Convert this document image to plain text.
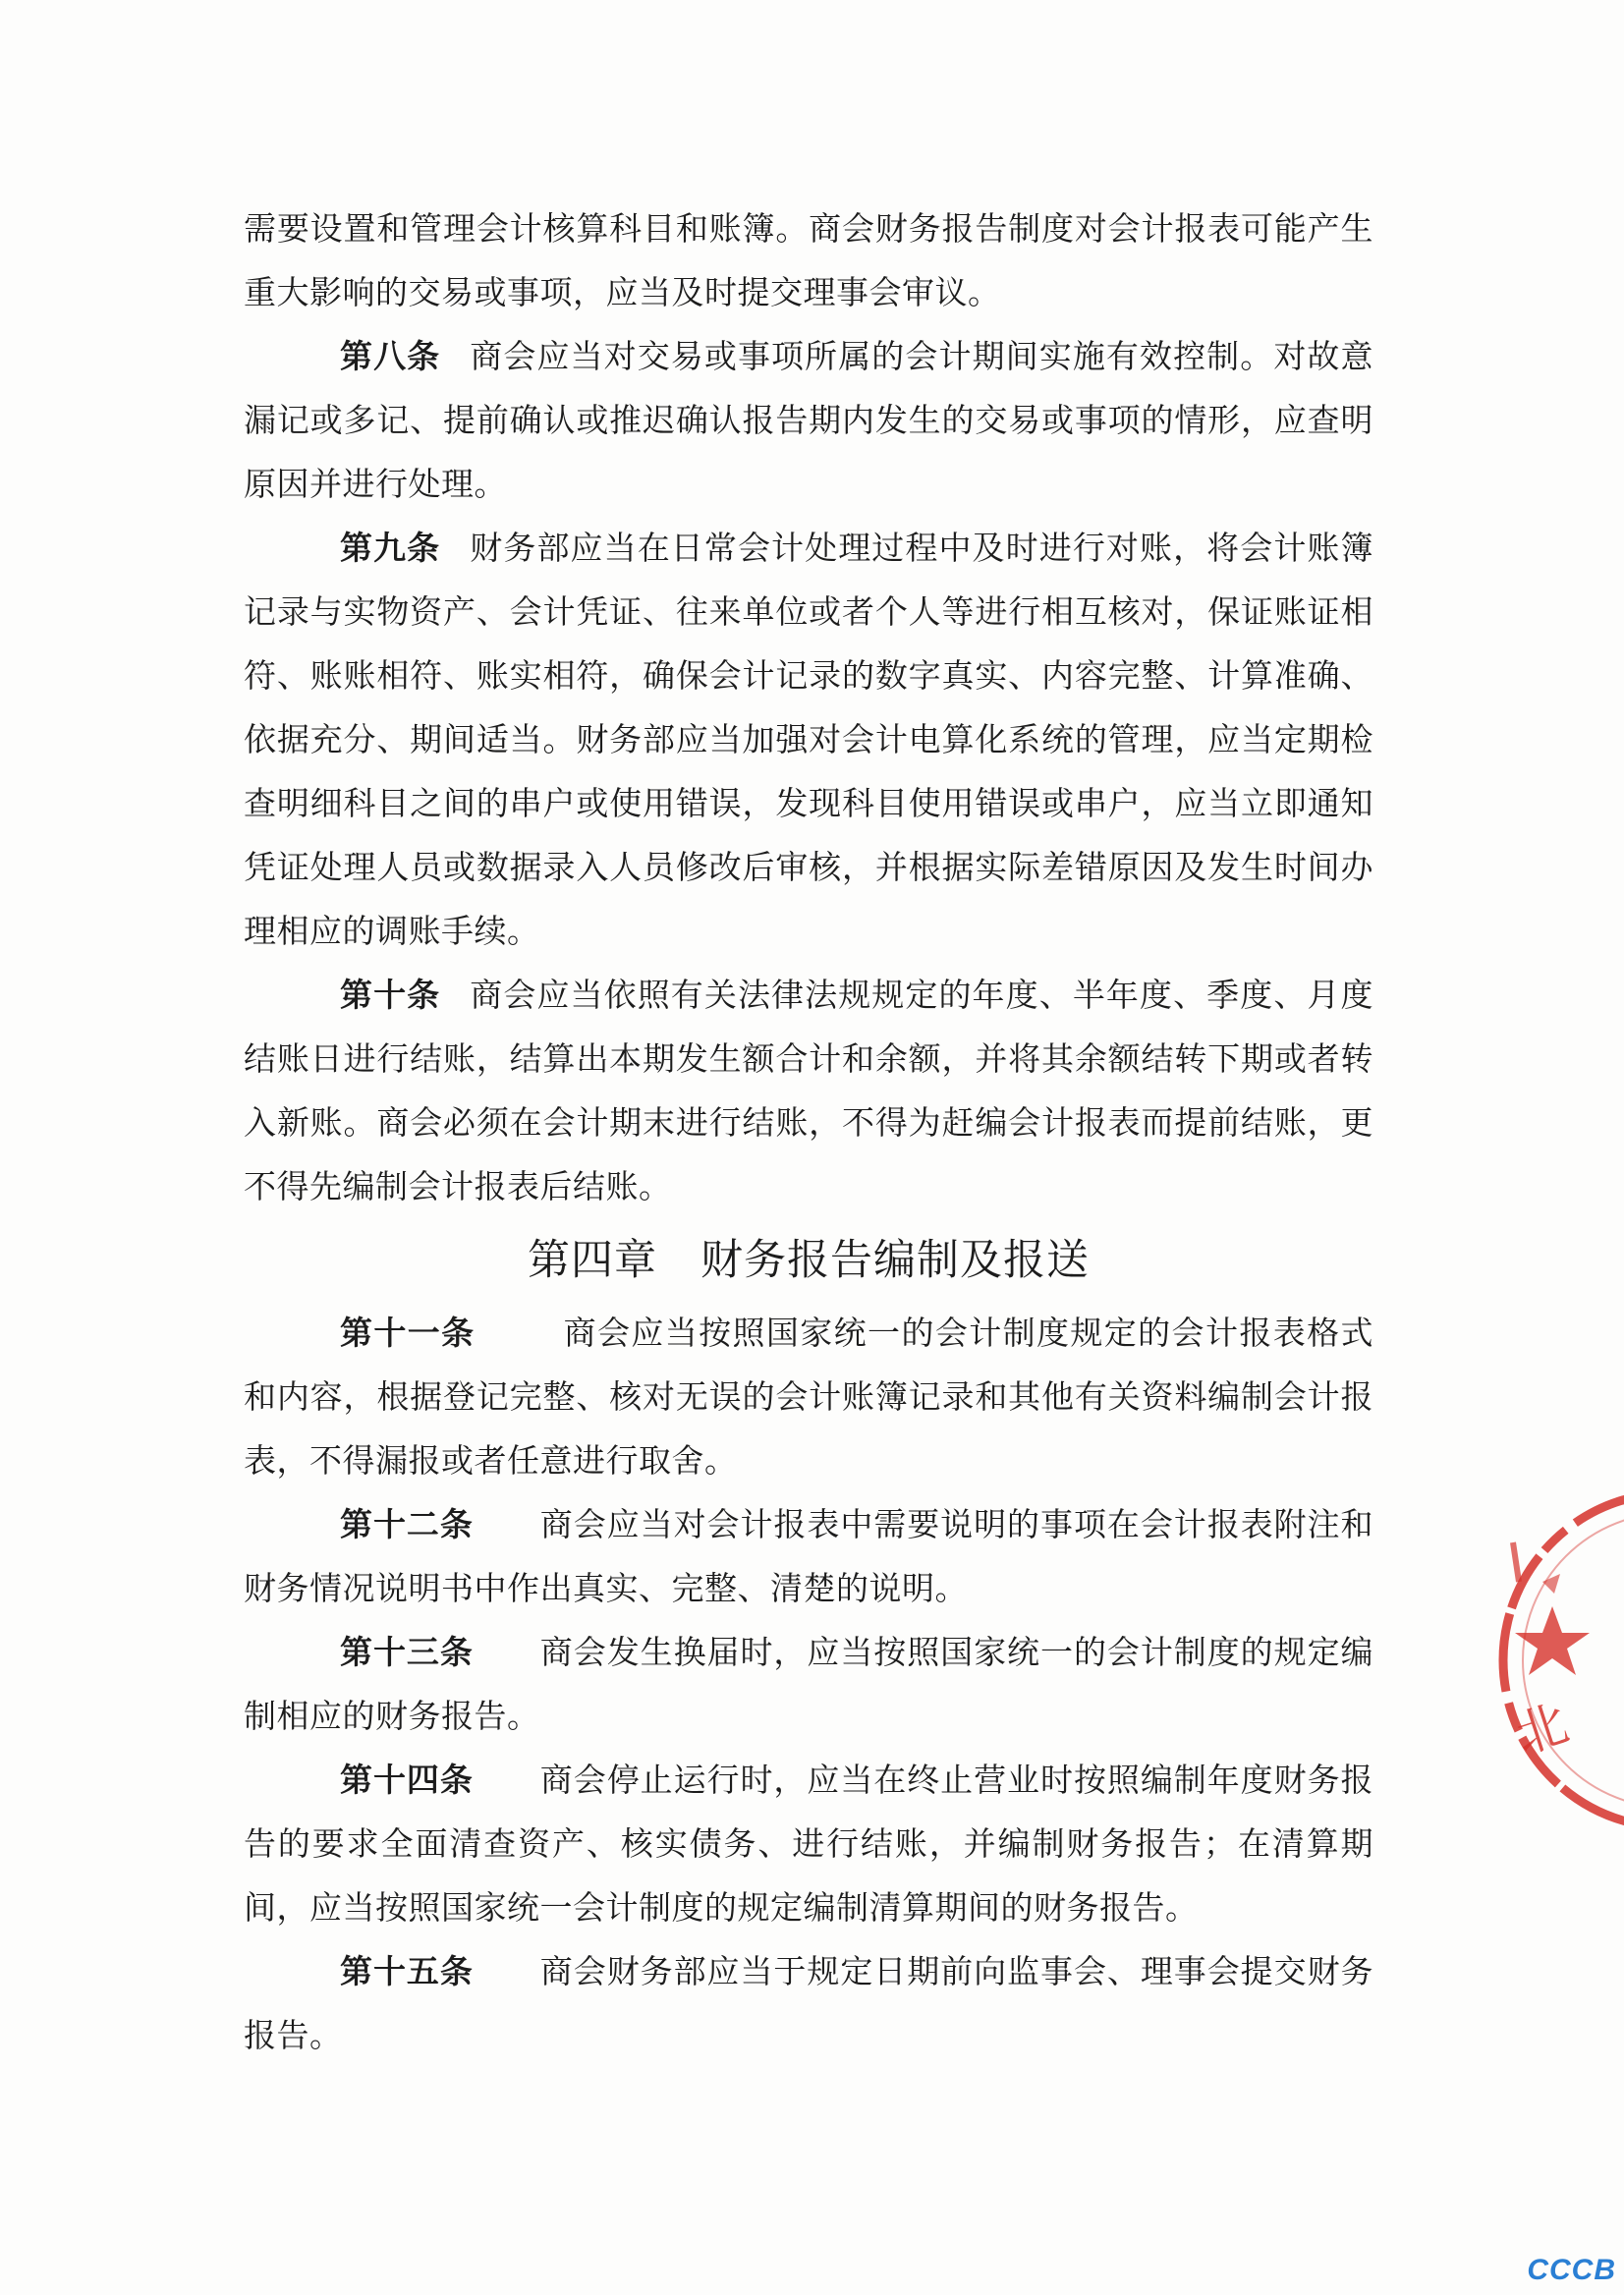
需要设置和管理会计核算科目和账簿。商会财务报告制度对会计报表可能产生重大影响的交易或事项，应当及时提交理事会审议。

第八条 商会应当对交易或事项所属的会计期间实施有效控制。对故意漏记或多记、提前确认或推迟确认报告期内发生的交易或事项的情形，应查明原因并进行处理。

第九条 财务部应当在日常会计处理过程中及时进行对账，将会计账簿记录与实物资产、会计凭证、往来单位或者个人等进行相互核对，保证账证相符、账账相符、账实相符，确保会计记录的数字真实、内容完整、计算准确、依据充分、期间适当。财务部应当加强对会计电算化系统的管理，应当定期检查明细科目之间的串户或使用错误，发现科目使用错误或串户，应当立即通知凭证处理人员或数据录入人员修改后审核，并根据实际差错原因及发生时间办理相应的调账手续。

第十条 商会应当依照有关法律法规规定的年度、半年度、季度、月度结账日进行结账，结算出本期发生额合计和余额，并将其余额结转下期或者转入新账。商会必须在会计期末进行结账，不得为赶编会计报表而提前结账，更不得先编制会计报表后结账。

第四章 财务报告编制及报送

第十一条	商会应当按照国家统一的会计制度规定的会计报表格式和内容，根据登记完整、核对无误的会计账簿记录和其他有关资料编制会计报表，不得漏报或者任意进行取舍。

第十二条 商会应当对会计报表中需要说明的事项在会计报表附注和财务情况说明书中作出真实、完整、清楚的说明。

第十三条 商会发生换届时，应当按照国家统一的会计制度的规定编制相应的财务报告。

第十四条 商会停止运行时，应当在终止营业时按照编制年度财务报告的要求全面清查资产、核实债务、进行结账，并编制财务报告；在清算期间，应当按照国家统一会计制度的规定编制清算期间的财务报告。

第十五条 商会财务部应当于规定日期前向监事会、理事会提交财务报告。

北
CCCB
